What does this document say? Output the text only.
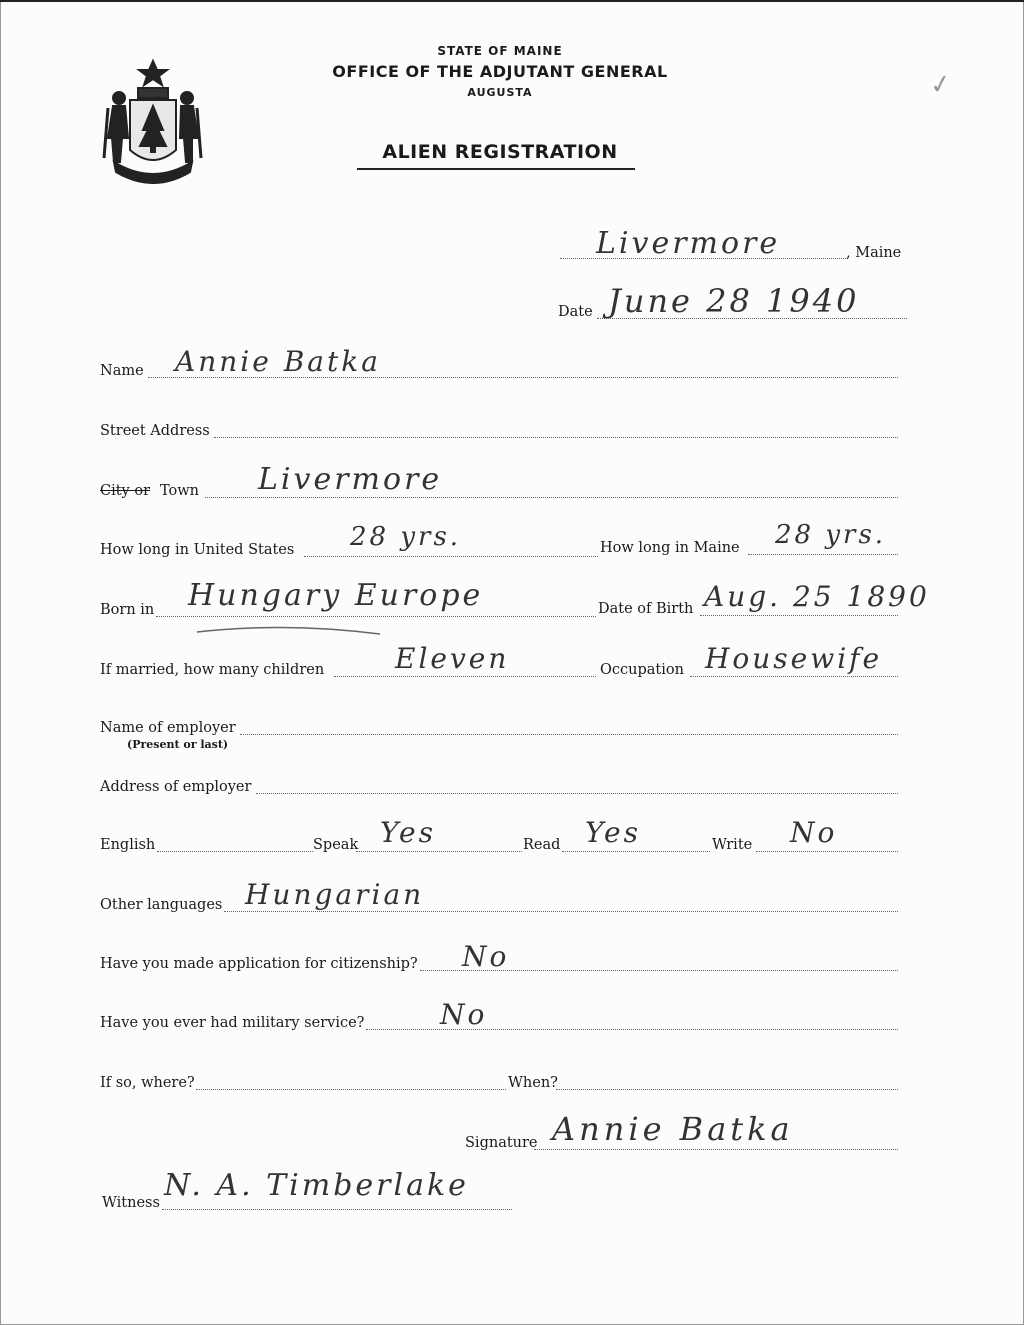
STATE OF MAINE
OFFICE OF THE ADJUTANT GENERAL
AUGUSTA
ALIEN REGISTRATION
✓
Livermore	, Maine
Date June 28 1940
Name Annie Batka
Street Address
City or Town Livermore
How long in United States 28 yrs.	How long in Maine 28 yrs.
Born in Hungary Europe	Date of Birth Aug. 25 1890
If married, how many children	Eleven	Occupation Housewife
Name of employer
(Present or last)
Address of employer
English	Speak Yes	Read Yes	Write No
Other languages Hungarian
Have you made application for citizenship? No
Have you ever had military service?	No
If so, where?	When?
Signature Annie Batka
Witness N. A. Timberlake
